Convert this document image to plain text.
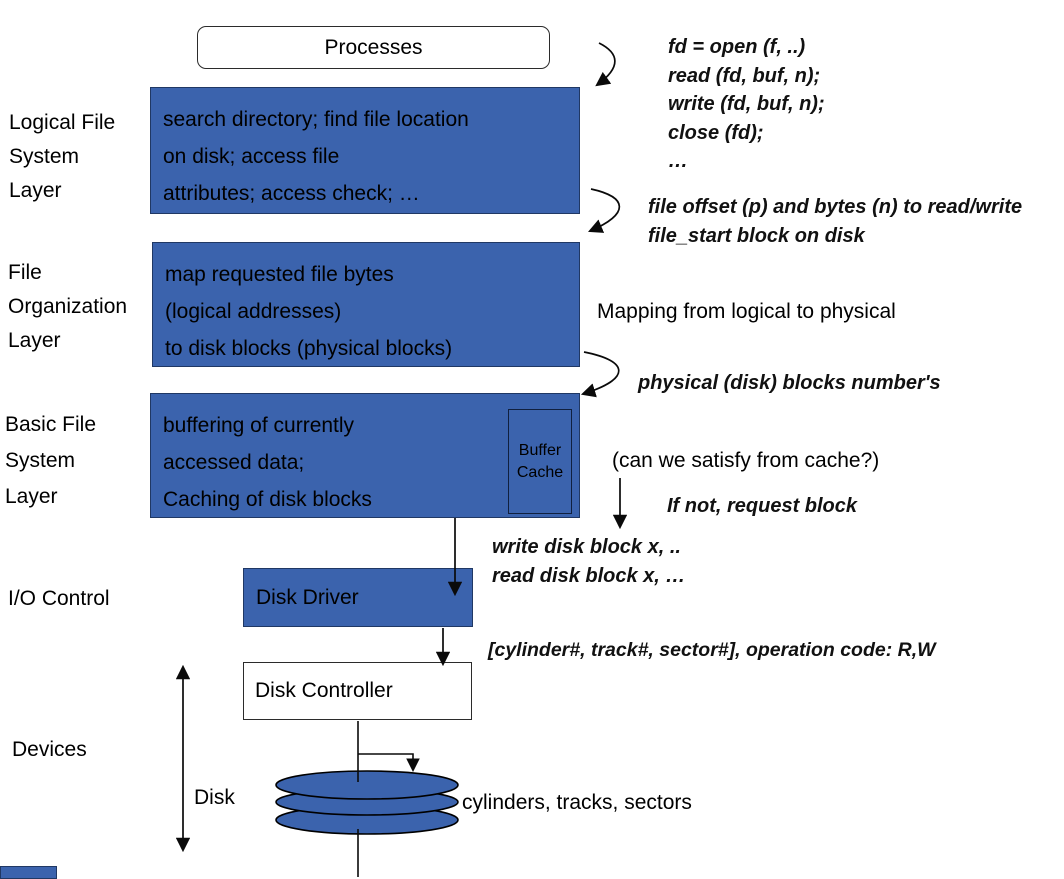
Processes
search directory; find file location
on disk; access file
attributes; access check; …
map requested file bytes
(logical addresses)
to disk blocks (physical blocks)
buffering of currently
accessed data;
Caching of disk blocks
Buffer
Cache
Disk Driver
Disk Controller
Logical File
System
Layer
File
Organization
Layer
Basic File
System
Layer
I/O Control
Devices
Disk
fd = open (f, ..)
read (fd, buf, n);
write (fd, buf, n);
close (fd);
…
file offset (p) and bytes (n) to read/write
file_start block on disk
Mapping from logical to physical
physical (disk) blocks number's
(can we satisfy from cache?)
If not, request block
write disk block x, ..
read disk block x, …
[cylinder#, track#, sector#], operation code: R,W
cylinders, tracks, sectors
